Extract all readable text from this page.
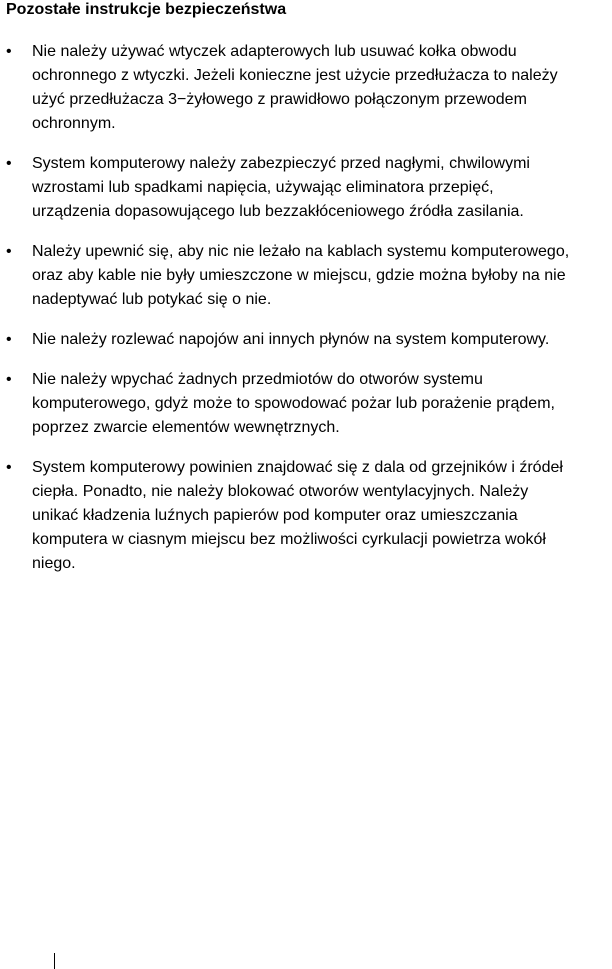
Pozostałe instrukcje bezpieczeństwa
•	Nie należy używać wtyczek adapterowych lub usuwać kołka obwodu ochronnego z wtyczki. Jeżeli konieczne jest użycie przedłużacza to należy użyć przedłużacza 3−żyłowego z prawidłowo połączonym przewodem ochronnym.
•	System komputerowy należy zabezpieczyć przed nagłymi, chwilowymi wzrostami lub spadkami napięcia, używając eliminatora przepięć, urządzenia dopasowującego lub bezzakłóceniowego źródła zasilania.
•	Należy upewnić się, aby nic nie leżało na kablach systemu komputerowego, oraz aby kable nie były umieszczone w miejscu, gdzie można byłoby na nie nadeptywać lub potykać się o nie.
•	Nie należy rozlewać napojów ani innych płynów na system komputerowy.
•	Nie należy wpychać żadnych przedmiotów do otworów systemu komputerowego, gdyż może to spowodować pożar lub porażenie prądem, poprzez zwarcie elementów wewnętrznych.
•	System komputerowy powinien znajdować się z dala od grzejników i źródeł ciepła. Ponadto, nie należy blokować otworów wentylacyjnych. Należy unikać kładzenia luźnych papierów pod komputer oraz umieszczania komputera w ciasnym miejscu bez możliwości cyrkulacji powietrza wokół niego.
